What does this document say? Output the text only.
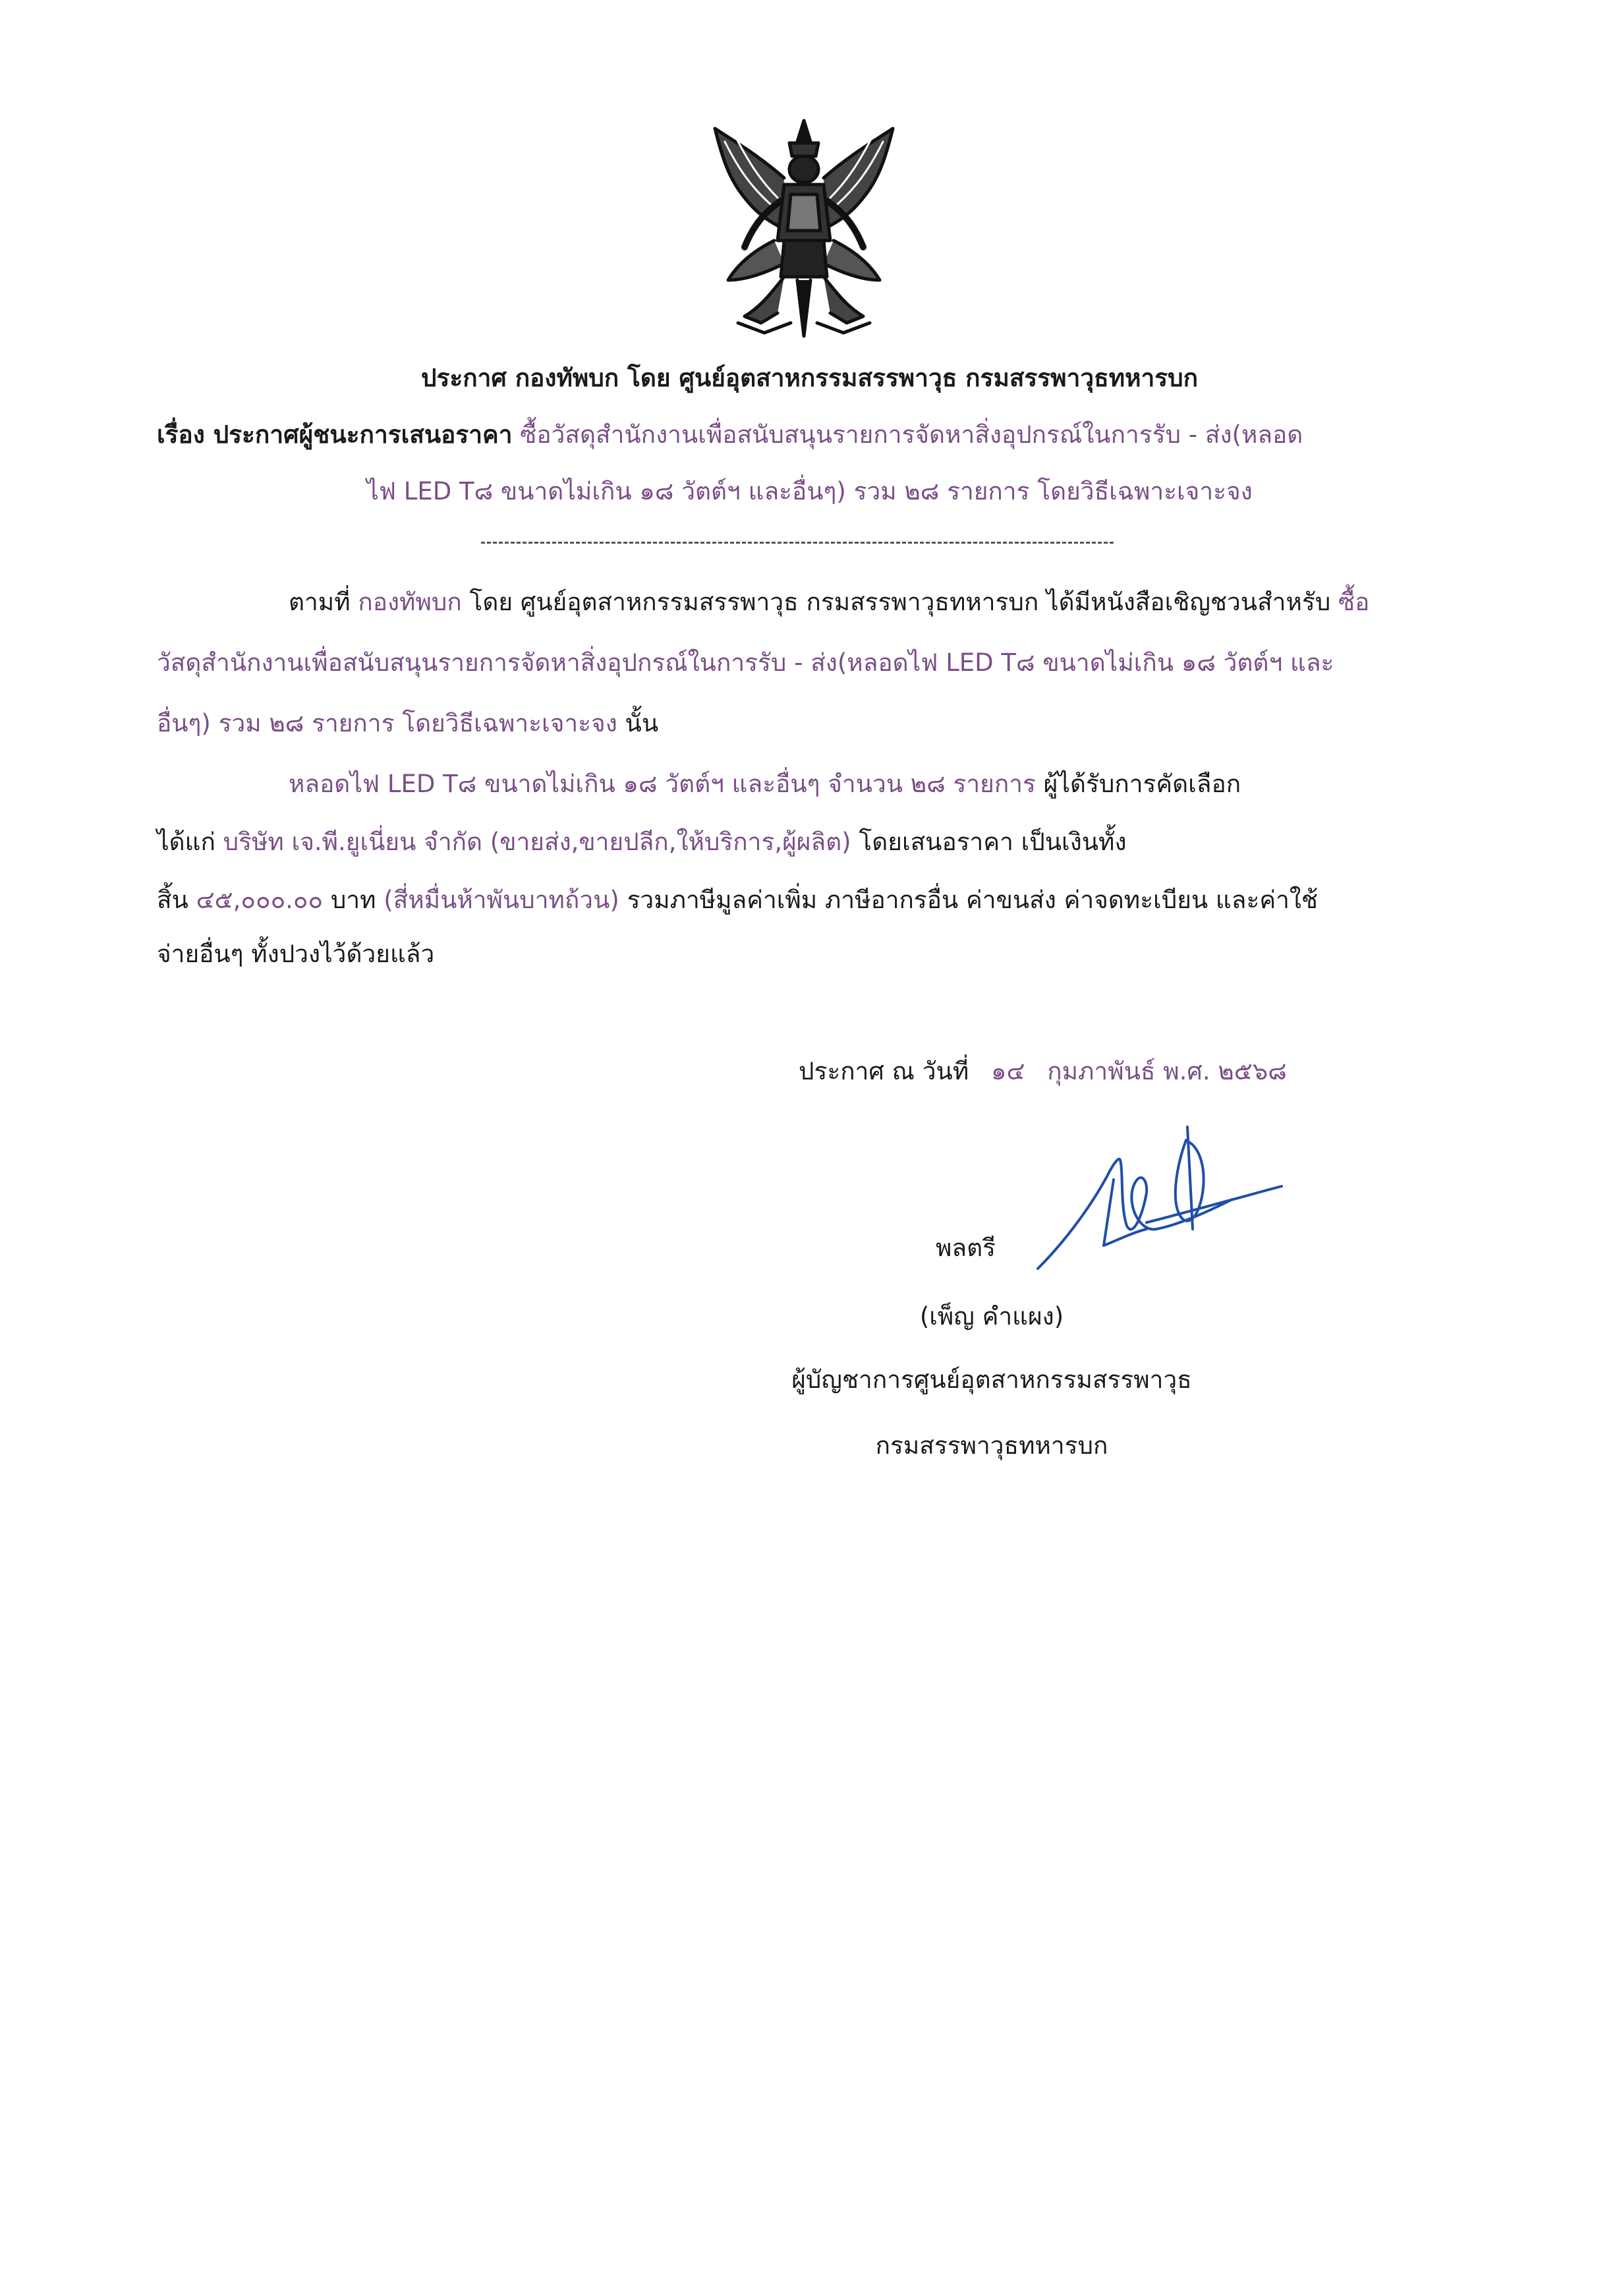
ประกาศ กองทัพบก โดย ศูนย์อุตสาหกรรมสรรพาวุธ กรมสรรพาวุธทหารบก
เรื่อง ประกาศผู้ชนะการเสนอราคา ซื้อวัสดุสำนักงานเพื่อสนับสนุนรายการจัดหาสิ่งอุปกรณ์ในการรับ - ส่ง(หลอด
ไฟ LED T๘ ขนาดไม่เกิน ๑๘ วัตต์ฯ และอื่นๆ) รวม ๒๘ รายการ โดยวิธีเฉพาะเจาะจง
ตามที่ กองทัพบก โดย ศูนย์อุตสาหกรรมสรรพาวุธ กรมสรรพาวุธทหารบก ได้มีหนังสือเชิญชวนสำหรับ ซื้อ
วัสดุสำนักงานเพื่อสนับสนุนรายการจัดหาสิ่งอุปกรณ์ในการรับ - ส่ง(หลอดไฟ LED T๘ ขนาดไม่เกิน ๑๘ วัตต์ฯ และ
อื่นๆ) รวม ๒๘ รายการ โดยวิธีเฉพาะเจาะจง นั้น
หลอดไฟ LED T๘ ขนาดไม่เกิน ๑๘ วัตต์ฯ และอื่นๆ จำนวน ๒๘ รายการ ผู้ได้รับการคัดเลือก
ได้แก่ บริษัท เจ.พี.ยูเนี่ยน จำกัด (ขายส่ง,ขายปลีก,ให้บริการ,ผู้ผลิต) โดยเสนอราคา เป็นเงินทั้ง
สิ้น ๔๕,๐๐๐.๐๐ บาท (สี่หมื่นห้าพันบาทถ้วน) รวมภาษีมูลค่าเพิ่ม ภาษีอากรอื่น ค่าขนส่ง ค่าจดทะเบียน และค่าใช้
จ่ายอื่นๆ ทั้งปวงไว้ด้วยแล้ว
ประกาศ ณ วันที่ ๑๔ กุมภาพันธ์ พ.ศ. ๒๕๖๘
พลตรี
(เพ็ญ คำแผง)
ผู้บัญชาการศูนย์อุตสาหกรรมสรรพาวุธ
กรมสรรพาวุธทหารบก
